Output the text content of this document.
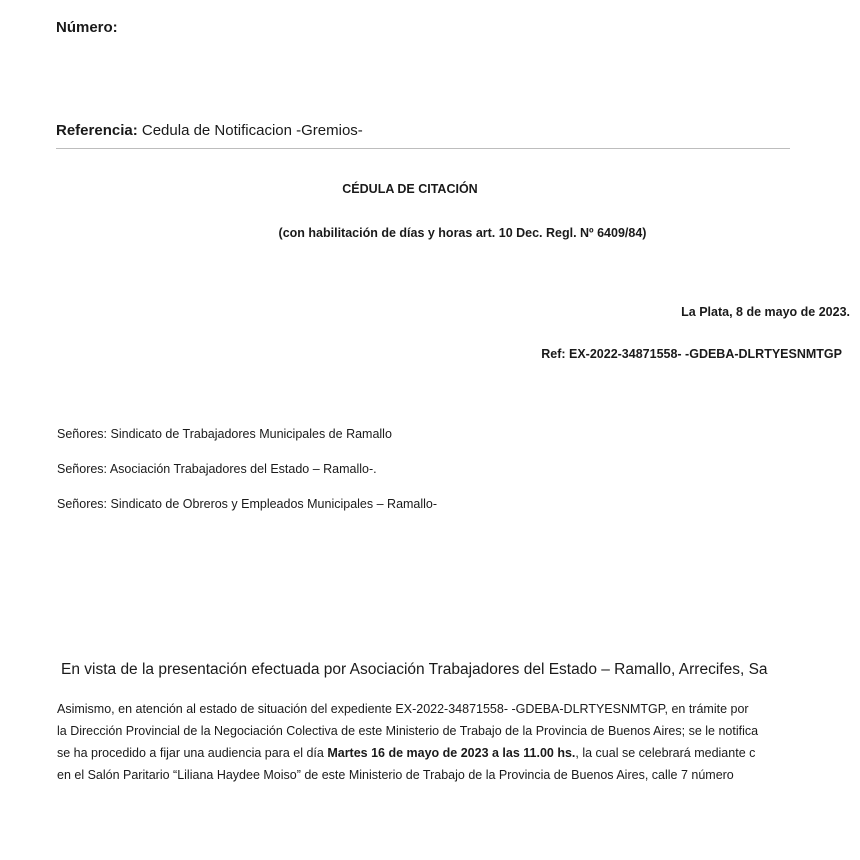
Número:
Referencia: Cedula de Notificacion -Gremios-
CÉDULA DE CITACIÓN
(con habilitación de días y horas art. 10 Dec. Regl. Nº 6409/84)
La Plata, 8 de mayo de 2023.
Ref: EX-2022-34871558- -GDEBA-DLRTYESNMTGP
Señores: Sindicato de Trabajadores Municipales de Ramallo
Señores: Asociación Trabajadores del Estado – Ramallo-.
Señores: Sindicato de Obreros y Empleados Municipales – Ramallo-
En vista de la presentación efectuada por Asociación Trabajadores del Estado – Ramallo, Arrecifes, Sa
Asimismo, en atención al estado de situación del expediente EX-2022-34871558- -GDEBA-DLRTYESNMTGP, en trámite por
la Dirección Provincial de la Negociación Colectiva de este Ministerio de Trabajo de la Provincia de Buenos Aires; se le notifica
se ha procedido a fijar una audiencia para el día Martes 16 de mayo de 2023 a las 11.00 hs., la cual se celebrará mediante c
en el Salón Paritario “Liliana Haydee Moiso” de este Ministerio de Trabajo de la Provincia de Buenos Aires, calle 7 número
